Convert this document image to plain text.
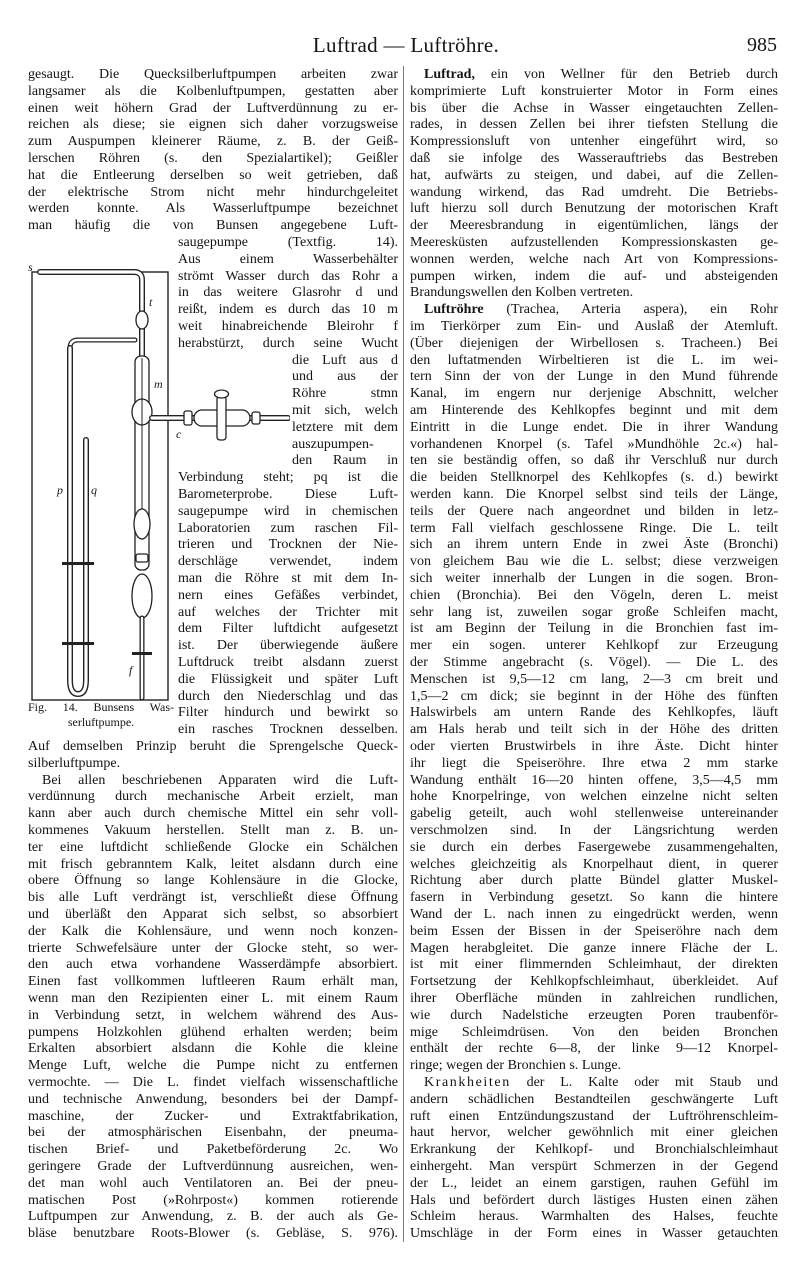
Luftrad — Luftröhre.	985
s
t
m
c
p q
f
Fig. 14. Bunsens Was-
serluftpumpe.
gesaugt. Die Quecksilberluftpumpen arbeiten zwar
langsamer als die Kolbenluftpumpen, gestatten aber
einen weit höhern Grad der Luftverdünnung zu er-
reichen als diese; sie eignen sich daher vorzugsweise
zum Auspumpen kleinerer Räume, z. B. der Geiß-
lerschen Röhren (s. den Spezialartikel); Geißler
hat die Entleerung derselben so weit getrieben, daß
der elektrische Strom nicht mehr hindurchgeleitet
werden konnte. Als Wasserluftpumpe bezeichnet
man häufig die von Bunsen angegebene Luft-
saugepumpe (Textfig. 14).
Aus einem Wasserbehälter
strömt Wasser durch das Rohr a
in das weitere Glasrohr d und
reißt, indem es durch das 10 m
weit hinabreichende Bleirohr f
herabstürzt, durch seine Wucht
die Luft aus d
und aus der
Röhre stmn
mit sich, welch
letztere mit dem
auszupumpen-
den Raum in
Verbindung steht; pq ist die
Barometerprobe. Diese Luft-
saugepumpe wird in chemischen
Laboratorien zum raschen Fil-
trieren und Trocknen der Nie-
derschläge verwendet, indem
man die Röhre st mit dem In-
nern eines Gefäßes verbindet,
auf welches der Trichter mit
dem Filter luftdicht aufgesetzt
ist. Der überwiegende äußere
Luftdruck treibt alsdann zuerst
die Flüssigkeit und später Luft
durch den Niederschlag und das
Filter hindurch und bewirkt so
ein rasches Trocknen desselben.
Auf demselben Prinzip beruht die Sprengelsche Queck-
silberluftpumpe.
Bei allen beschriebenen Apparaten wird die Luft-
verdünnung durch mechanische Arbeit erzielt, man
kann aber auch durch chemische Mittel ein sehr voll-
kommenes Vakuum herstellen. Stellt man z. B. un-
ter eine luftdicht schließende Glocke ein Schälchen
mit frisch gebranntem Kalk, leitet alsdann durch eine
obere Öffnung so lange Kohlensäure in die Glocke,
bis alle Luft verdrängt ist, verschließt diese Öffnung
und überläßt den Apparat sich selbst, so absorbiert
der Kalk die Kohlensäure, und wenn noch konzen-
trierte Schwefelsäure unter der Glocke steht, so wer-
den auch etwa vorhandene Wasserdämpfe absorbiert.
Einen fast vollkommen luftleeren Raum erhält man,
wenn man den Rezipienten einer L. mit einem Raum
in Verbindung setzt, in welchem während des Aus-
pumpens Holzkohlen glühend erhalten werden; beim
Erkalten absorbiert alsdann die Kohle die kleine
Menge Luft, welche die Pumpe nicht zu entfernen
vermochte. — Die L. findet vielfach wissenschaftliche
und technische Anwendung, besonders bei der Dampf-
maschine, der Zucker- und Extraktfabrikation,
bei der atmosphärischen Eisenbahn, der pneuma-
tischen Brief- und Paketbeförderung 2c. Wo
geringere Grade der Luftverdünnung ausreichen, wen-
det man wohl auch Ventilatoren an. Bei der pneu-
matischen Post (»Rohrpost«) kommen rotierende
Luftpumpen zur Anwendung, z. B. der auch als Ge-
bläse benutzbare Roots-Blower (s. Gebläse, S. 976).
Luftrad, ein von Wellner für den Betrieb durch
komprimierte Luft konstruierter Motor in Form eines
bis über die Achse in Wasser eingetauchten Zellen-
rades, in dessen Zellen bei ihrer tiefsten Stellung die
Kompressionsluft von untenher eingeführt wird, so
daß sie infolge des Wasserauftriebs das Bestreben
hat, aufwärts zu steigen, und dabei, auf die Zellen-
wandung wirkend, das Rad umdreht. Die Betriebs-
luft hierzu soll durch Benutzung der motorischen Kraft
der Meeresbrandung in eigentümlichen, längs der
Meeresküsten aufzustellenden Kompressionskasten ge-
wonnen werden, welche nach Art von Kompressions-
pumpen wirken, indem die auf- und absteigenden
Brandungswellen den Kolben vertreten.
Luftröhre (Trachea, Arteria aspera), ein Rohr
im Tierkörper zum Ein- und Auslaß der Atemluft.
(Über diejenigen der Wirbellosen s. Tracheen.) Bei
den luftatmenden Wirbeltieren ist die L. im wei-
tern Sinn der von der Lunge in den Mund führende
Kanal, im engern nur derjenige Abschnitt, welcher
am Hinterende des Kehlkopfes beginnt und mit dem
Eintritt in die Lunge endet. Die in ihrer Wandung
vorhandenen Knorpel (s. Tafel »Mundhöhle 2c.«) hal-
ten sie beständig offen, so daß ihr Verschluß nur durch
die beiden Stellknorpel des Kehlkopfes (s. d.) bewirkt
werden kann. Die Knorpel selbst sind teils der Länge,
teils der Quere nach angeordnet und bilden in letz-
term Fall vielfach geschlossene Ringe. Die L. teilt
sich an ihrem untern Ende in zwei Äste (Bronchi)
von gleichem Bau wie die L. selbst; diese verzweigen
sich weiter innerhalb der Lungen in die sogen. Bron-
chien (Bronchia). Bei den Vögeln, deren L. meist
sehr lang ist, zuweilen sogar große Schleifen macht,
ist am Beginn der Teilung in die Bronchien fast im-
mer ein sogen. unterer Kehlkopf zur Erzeugung
der Stimme angebracht (s. Vögel). — Die L. des
Menschen ist 9,5—12 cm lang, 2—3 cm breit und
1,5—2 cm dick; sie beginnt in der Höhe des fünften
Halswirbels am untern Rande des Kehlkopfes, läuft
am Hals herab und teilt sich in der Höhe des dritten
oder vierten Brustwirbels in ihre Äste. Dicht hinter
ihr liegt die Speiseröhre. Ihre etwa 2 mm starke
Wandung enthält 16—20 hinten offene, 3,5—4,5 mm
hohe Knorpelringe, von welchen einzelne nicht selten
gabelig geteilt, auch wohl stellenweise untereinander
verschmolzen sind. In der Längsrichtung werden
sie durch ein derbes Fasergewebe zusammengehalten,
welches gleichzeitig als Knorpelhaut dient, in querer
Richtung aber durch platte Bündel glatter Muskel-
fasern in Verbindung gesetzt. So kann die hintere
Wand der L. nach innen zu eingedrückt werden, wenn
beim Essen der Bissen in der Speiseröhre nach dem
Magen herabgleitet. Die ganze innere Fläche der L.
ist mit einer flimmernden Schleimhaut, der direkten
Fortsetzung der Kehlkopfschleimhaut, überkleidet. Auf
ihrer Oberfläche münden in zahlreichen rundlichen,
wie durch Nadelstiche erzeugten Poren traubenför-
mige Schleimdrüsen. Von den beiden Bronchen
enthält der rechte 6—8, der linke 9—12 Knorpel-
ringe; wegen der Bronchien s. Lunge.
Krankheiten der L. Kalte oder mit Staub und
andern schädlichen Bestandteilen geschwängerte Luft
ruft einen Entzündungszustand der Luftröhrenschleim-
haut hervor, welcher gewöhnlich mit einer gleichen
Erkrankung der Kehlkopf- und Bronchialschleimhaut
einhergeht. Man verspürt Schmerzen in der Gegend
der L., leidet an einem garstigen, rauhen Gefühl im
Hals und befördert durch lästiges Husten einen zähen
Schleim heraus. Warmhalten des Halses, feuchte
Umschläge in der Form eines in Wasser getauchten
